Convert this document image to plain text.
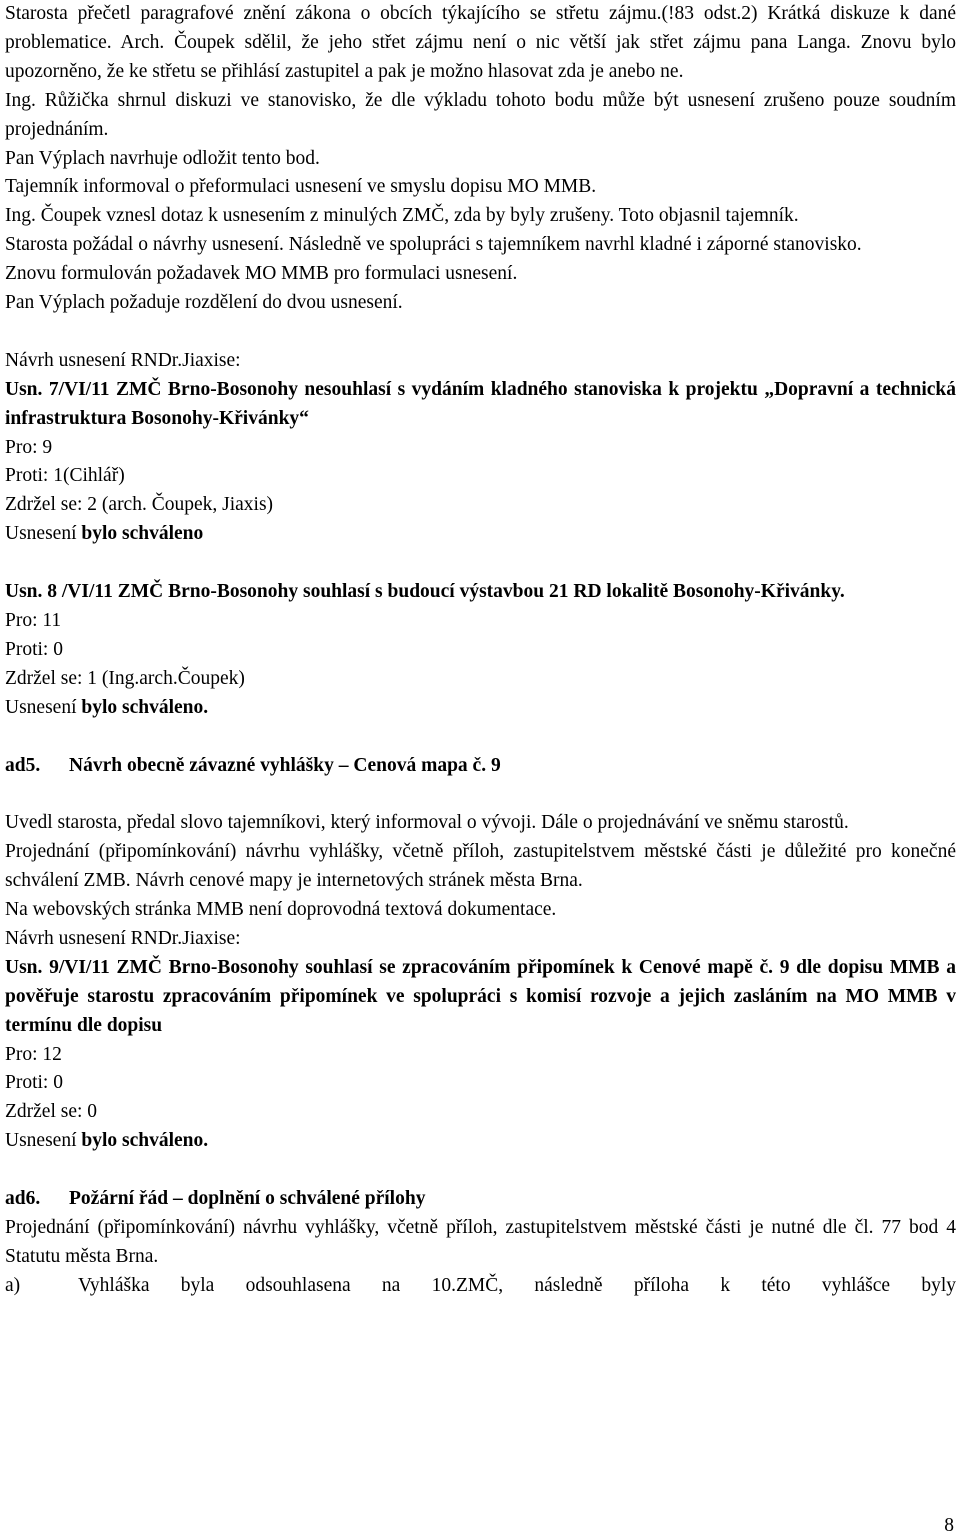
Starosta přečetl paragrafové znění zákona o obcích týkajícího se střetu zájmu.(!83 odst.2) Krátká diskuze k dané problematice. Arch. Čoupek sdělil, že jeho střet zájmu není o nic větší jak střet zájmu pana Langa. Znovu bylo upozorněno, že ke střetu se přihlásí zastupitel a pak je možno hlasovat zda je anebo ne.

Ing. Růžička shrnul diskuzi ve stanovisko, že dle výkladu tohoto bodu může být usnesení zrušeno pouze soudním projednáním.

Pan Výplach navrhuje odložit tento bod.

Tajemník informoval o přeformulaci usnesení ve smyslu dopisu MO MMB.

Ing. Čoupek vznesl dotaz k usnesením z minulých ZMČ, zda by byly zrušeny. Toto objasnil tajemník.

Starosta požádal o návrhy usnesení. Následně ve spolupráci s tajemníkem navrhl kladné i záporné stanovisko.

Znovu formulován požadavek MO MMB pro formulaci usnesení.

Pan Výplach požaduje rozdělení do dvou usnesení.

Návrh usnesení RNDr.Jiaxise:

Usn. 7/VI/11 ZMČ Brno-Bosonohy nesouhlasí s vydáním kladného stanoviska k projektu „Dopravní a technická infrastruktura Bosonohy-Křivánky“

Pro: 9

Proti: 1(Cihlář)

Zdržel se: 2 (arch. Čoupek, Jiaxis)

Usnesení bylo schváleno

Usn. 8 /VI/11 ZMČ Brno-Bosonohy souhlasí s budoucí výstavbou 21 RD lokalitě Bosonohy-Křivánky.

Pro: 11

Proti: 0

Zdržel se: 1 (Ing.arch.Čoupek)

Usnesení bylo schváleno.

ad5. Návrh obecně závazné vyhlášky – Cenová mapa č. 9

Uvedl starosta, předal slovo tajemníkovi, který informoval o vývoji. Dále o projednávání ve sněmu starostů.

Projednání (připomínkování) návrhu vyhlášky, včetně příloh, zastupitelstvem městské části je důležité pro konečné schválení ZMB. Návrh cenové mapy je internetových stránek města Brna.

Na webovských stránka MMB není doprovodná textová dokumentace.

Návrh usnesení RNDr.Jiaxise:

Usn. 9/VI/11 ZMČ Brno-Bosonohy souhlasí se zpracováním připomínek k Cenové mapě č. 9 dle dopisu MMB a pověřuje starostu zpracováním připomínek ve spolupráci s komisí rozvoje a jejich zasláním na MO MMB v termínu dle dopisu

Pro: 12

Proti: 0

Zdržel se: 0

Usnesení bylo schváleno.

ad6. Požární řád – doplnění o schválené přílohy

Projednání (připomínkování) návrhu vyhlášky, včetně příloh, zastupitelstvem městské části je nutné dle čl. 77 bod 4 Statutu města Brna.

a)	Vyhláška byla odsouhlasena na 10.ZMČ, následně příloha k této vyhlášce byly
8
